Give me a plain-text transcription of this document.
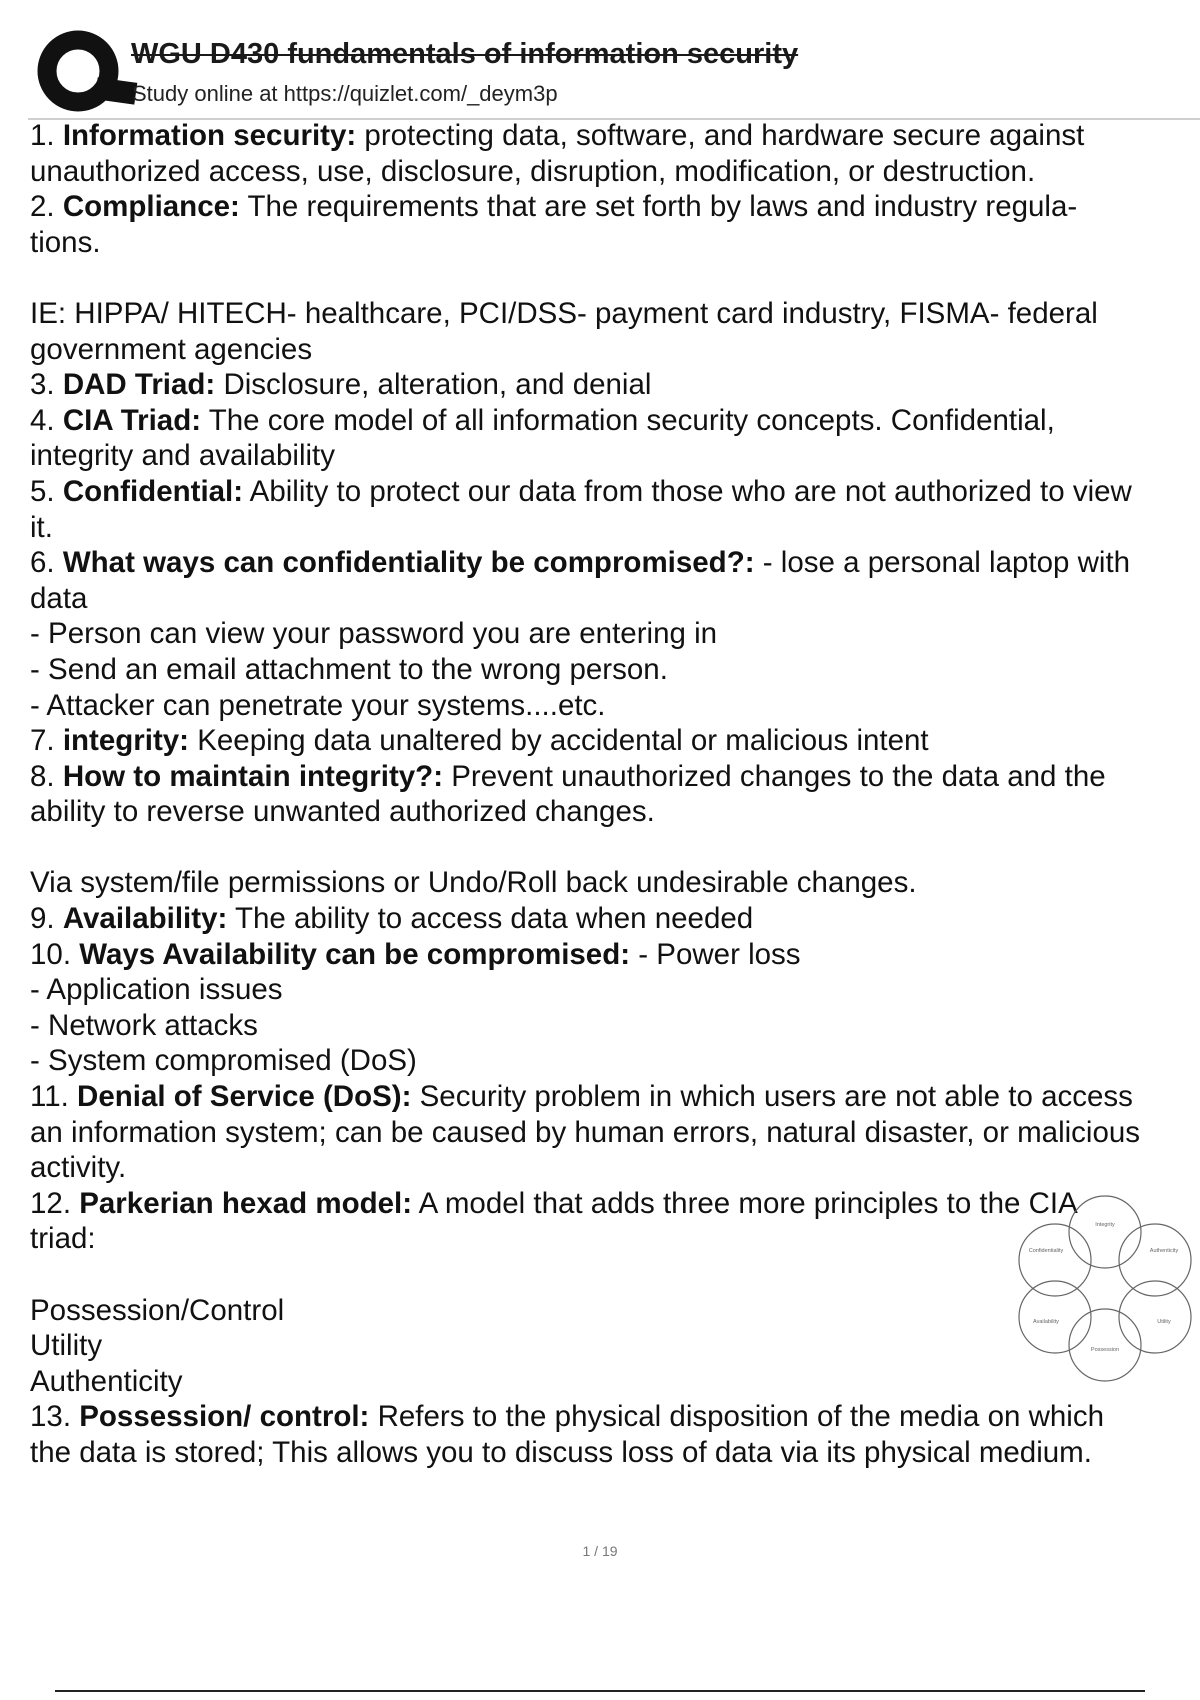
WGU D430 fundamentals of information security
Study online at https://quizlet.com/_deym3p

1. Information security: protecting data, software, and hardware secure against

unauthorized access, use, disclosure, disruption, modification, or destruction.

2. Compliance: The requirements that are set forth by laws and industry regula-

tions.

IE: HIPPA/ HITECH- healthcare, PCI/DSS- payment card industry, FISMA- federal

government agencies

3. DAD Triad: Disclosure, alteration, and denial

4. CIA Triad: The core model of all information security concepts. Confidential,

integrity and availability

5. Confidential: Ability to protect our data from those who are not authorized to view

it.

6. What ways can confidentiality be compromised?: - lose a personal laptop with

data

- Person can view your password you are entering in

- Send an email attachment to the wrong person.

- Attacker can penetrate your systems....etc.

7. integrity: Keeping data unaltered by accidental or malicious intent

8. How to maintain integrity?: Prevent unauthorized changes to the data and the

ability to reverse unwanted authorized changes.

Via system/file permissions or Undo/Roll back undesirable changes.

9. Availability: The ability to access data when needed

10. Ways Availability can be compromised: - Power loss

- Application issues

- Network attacks

- System compromised (DoS)

11. Denial of Service (DoS): Security problem in which users are not able to access

an information system; can be caused by human errors, natural disaster, or malicious

activity.

12. Parkerian hexad model: A model that adds three more principles to the CIA

triad:

Possession/Control

Utility

Authenticity

13. Possession/ control: Refers to the physical disposition of the media on which

the data is stored; This allows you to discuss loss of data via its physical medium.

Integrity
Confidentiality	Authenticity
Availability	Utility
Possession
1 / 19
